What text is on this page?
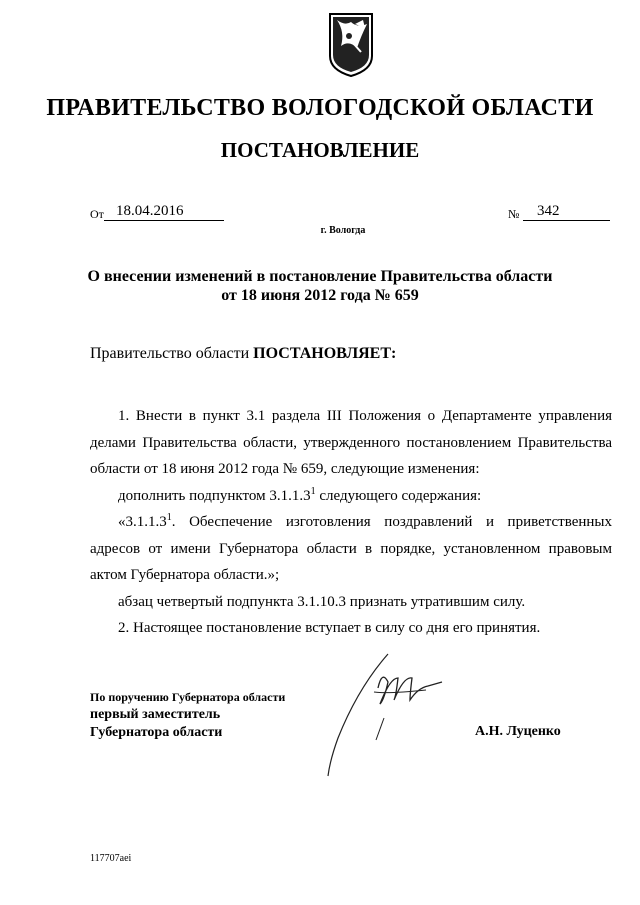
ПРАВИТЕЛЬСТВО ВОЛОГОДСКОЙ ОБЛАСТИ
ПОСТАНОВЛЕНИЕ
От 18.04.2016	№	342
г. Вологда
О внесении изменений в постановление Правительства области
от 18 июня 2012 года № 659
Правительство области ПОСТАНОВЛЯЕТ:

1. Внести в пункт 3.1 раздела III Положения о Департаменте управления делами Правительства области, утвержденного постановлением Правительства области от 18 июня 2012 года № 659, следующие изменения:

дополнить подпунктом 3.1.1.3$^1$ следующего содержания:

«3.1.1.3$^1$. Обеспечение изготовления поздравлений и приветственных адресов от имени Губернатора области в порядке, установленном правовым актом Губернатора области.»;

абзац четвертый подпункта 3.1.10.3 признать утратившим силу.

2. Настоящее постановление вступает в силу со дня его принятия.

По поручению Губернатора области
первый заместитель
Губернатора области	А.Н. Луценко
117707aei
